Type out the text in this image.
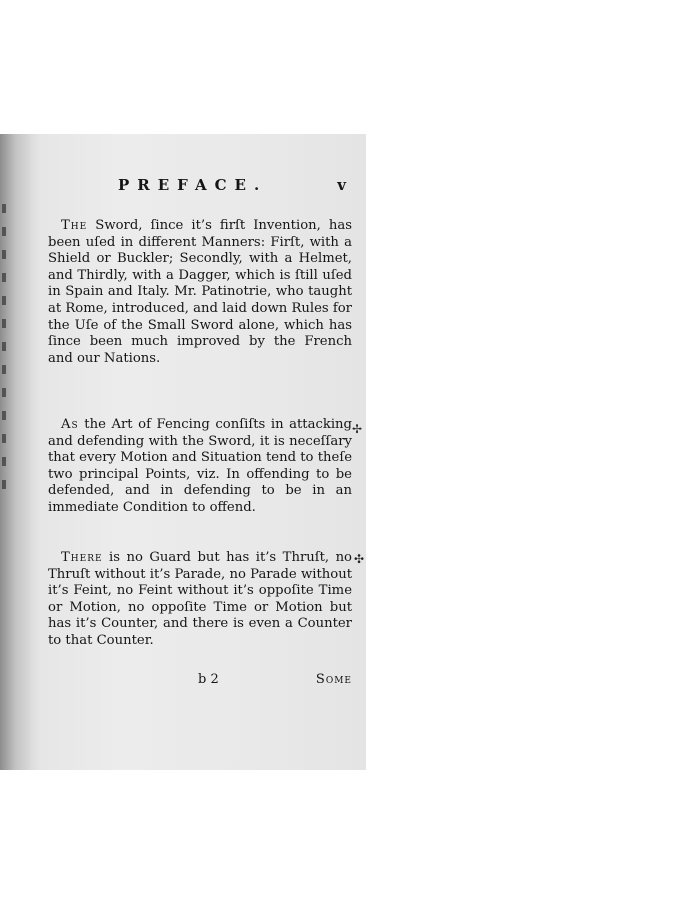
PREFACE.	v
The Sword, ſince it’s firſt Invention, has been uſed in different Manners: Firſt, with a Shield or Buckler; Secondly, with a Helmet, and Thirdly, with a Dagger, which is ſtill uſed in Spain and Italy. Mr. Patinotrie, who taught at Rome, introduced, and laid down Rules for the Uſe of the Small Sword alone, which has ſince been much improved by the French and our Nations.
As the Art of Fencing conſiſts in attacking and defending with the Sword, it is neceſſary that every Motion and Situation tend to theſe two principal Points, viz. In offending to be defended, and in defending to be in an immediate Condition to offend.
There is no Guard but has it’s Thruſt, no Thruſt without it’s Parade, no Parade without it’s Feint, no Feint without it’s oppoſite Time or Motion, no oppoſite Time or Motion but has it’s Counter, and there is even a Counter to that Counter.
b 2	Some
✢
✣
